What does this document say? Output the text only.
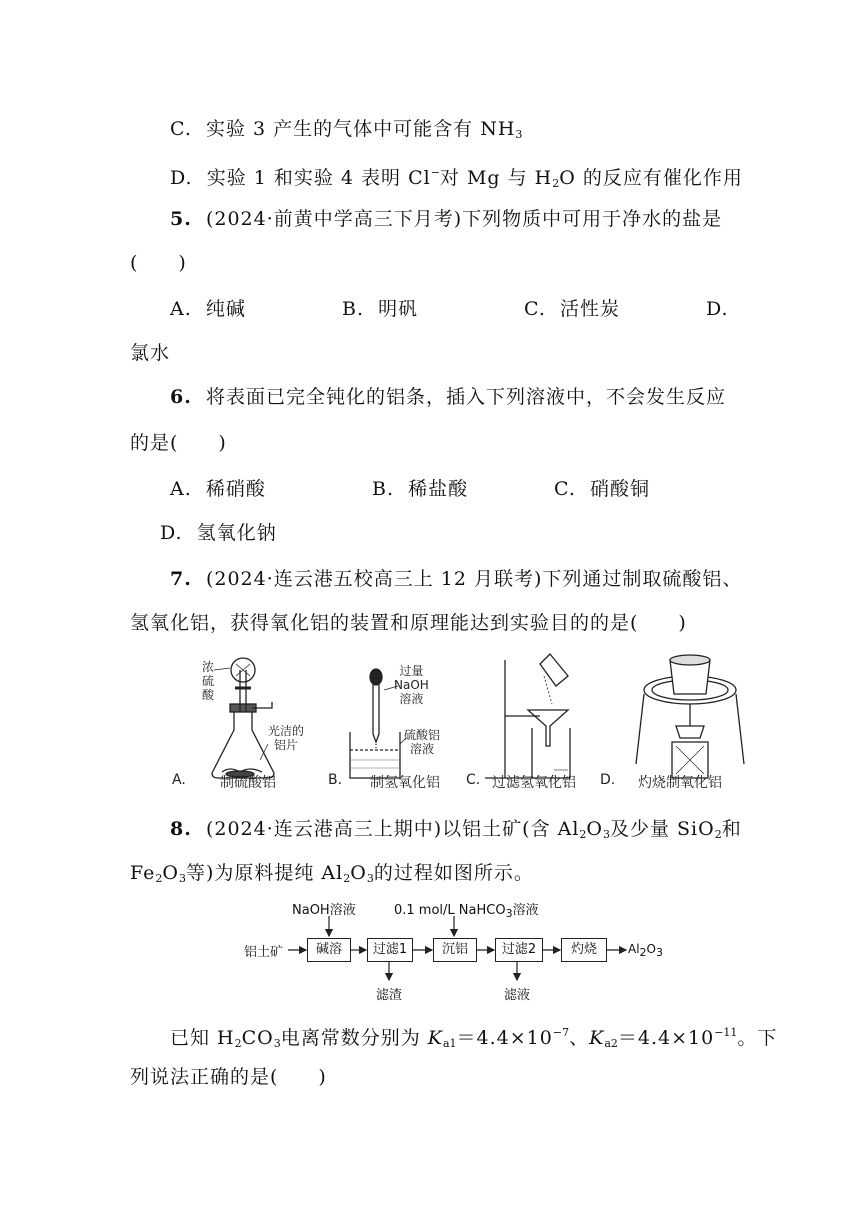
C. 实验 3 产生的气体中可能含有 $NH_3$
D. 实验 1 和实验 4 表明 Cl−对 Mg 与 $H_2O$ 的反应有催化作用
5. (2024·前黄中学高三下月考)下列物质中可用于净水的盐是
(　　)
A. 纯碱	B. 明矾	C. 活性炭	D.
氯水
6. 将表面已完全钝化的铝条，插入下列溶液中，不会发生反应
的是(　　)
A. 稀硝酸	B. 稀盐酸	C. 硝酸铜
D. 氢氧化钠
7. (2024·连云港五校高三上 12 月联考)下列通过制取硫酸铝、
氢氧化铝，获得氧化铝的装置和原理能达到实验目的的是(　　)
浓
硫
酸
光洁的
铝片
过量
NaOH
溶液
硫酸铝
溶液
A. 制硫酸铝	B. 制氢氧化铝 C. 过滤氢氧化铝 D. 灼烧制氧化铝
8. (2024·连云港高三上期中)以铝土矿(含 $Al_2O_3$及少量 SiO$_2$和
$Fe_2O_3$等)为原料提纯 $Al_2O_3$的过程如图所示。
铝土矿
NaOH溶液	0.1 mol/L NaHCO$_3$溶液
碱溶	过滤1	沉铝	过滤2	灼烧	$Al_2O_3$
滤渣	滤液
已知 $H_2CO_3$电离常数分别为 $K_{a1}=4.4\times 10^{-7}$、$K_{a2}=4.4\times 10^{-11}$。下
列说法正确的是(　　)
